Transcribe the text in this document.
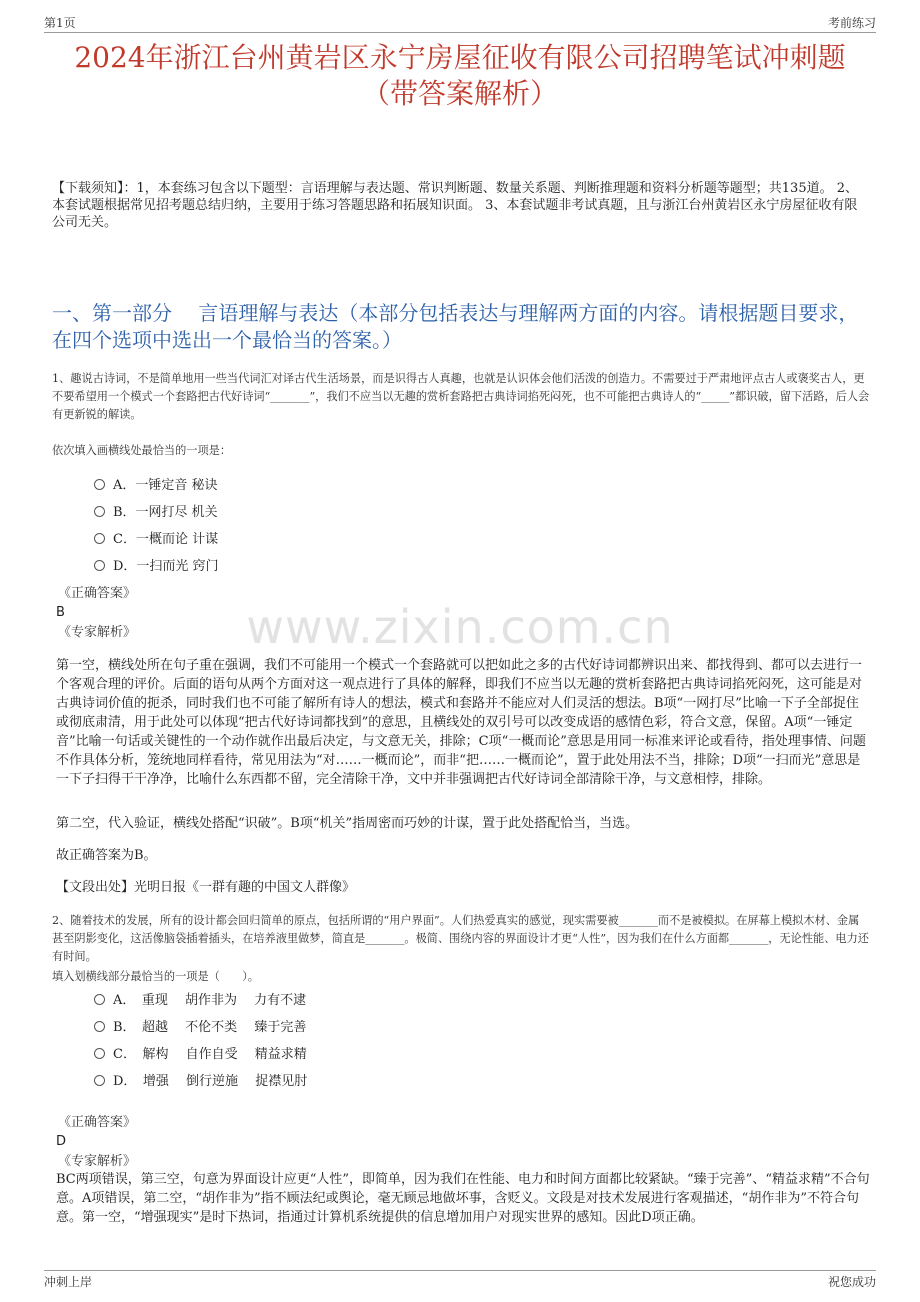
第1页	考前练习
2024年浙江台州黄岩区永宁房屋征收有限公司招聘笔试冲刺题
（带答案解析）
【下载须知】：1，本套练习包含以下题型：言语理解与表达题、常识判断题、数量关系题、判断推理题和资料分析题等题型；共135道。 2、本套试题根据常见招考题总结归纳，主要用于练习答题思路和拓展知识面。 3、本套试题非考试真题，且与浙江台州黄岩区永宁房屋征收有限公司无关。
一、第一部分　 言语理解与表达（本部分包括表达与理解两方面的内容。请根据题目要求，在四个选项中选出一个最恰当的答案。）
1、趣说古诗词，不是简单地用一些当代词汇对译古代生活场景，而是识得古人真趣，也就是认识体会他们活泼的创造力。不需要过于严肃地评点古人或褒奖古人，更不要希望用一个模式一个套路把古代好诗词“_______”，我们不应当以无趣的赏析套路把古典诗词掐死闷死，也不可能把古典诗人的“_____”都识破，留下活路，后人会有更新锐的解读。
依次填入画横线处最恰当的一项是：
A．一锤定音 秘诀
B．一网打尽 机关
C．一概而论 计谋
D．一扫而光 窍门
《正确答案》
B
《专家解析》	www.zixin.com.cn
第一空，横线处所在句子重在强调，我们不可能用一个模式一个套路就可以把如此之多的古代好诗词都辨识出来、都找得到、都可以去进行一个客观合理的评价。后面的语句从两个方面对这一观点进行了具体的解释，即我们不应当以无趣的赏析套路把古典诗词掐死闷死，这可能是对古典诗词价值的扼杀，同时我们也不可能了解所有诗人的想法，模式和套路并不能应对人们灵活的想法。B项“一网打尽”比喻一下子全部捉住或彻底肃清，用于此处可以体现“把古代好诗词都找到”的意思，且横线处的双引号可以改变成语的感情色彩，符合文意，保留。A项“一锤定音”比喻一句话或关键性的一个动作就作出最后决定，与文意无关，排除；C项“一概而论”意思是用同一标准来评论或看待，指处理事情、问题不作具体分析，笼统地同样看待，常见用法为“对……一概而论”，而非“把……一概而论”，置于此处用法不当，排除；D项“一扫而光”意思是一下子扫得干干净净，比喻什么东西都不留，完全清除干净，文中并非强调把古代好诗词全部清除干净，与文意相悖，排除。
第二空，代入验证，横线处搭配“识破”。B项“机关”指周密而巧妙的计谋，置于此处搭配恰当，当选。
故正确答案为B。
【文段出处】光明日报《一群有趣的中国文人群像》
2、随着技术的发展，所有的设计都会回归简单的原点，包括所谓的“用户界面”。人们热爱真实的感觉，现实需要被_______而不是被模拟。在屏幕上模拟木材、金属甚至阴影变化，这活像脑袋插着插头，在培养液里做梦，简直是_______。极简、围绕内容的界面设计才更“人性”，因为我们在什么方面都_______，无论性能、电力还有时间。
填入划横线部分最恰当的一项是（　　）。
A．　重现　 胡作非为　 力有不逮
B．　超越　 不伦不类　 臻于完善
C．　解构　 自作自受　 精益求精
D．　增强　 倒行逆施　 捉襟见肘
《正确答案》
D
《专家解析》
BC两项错误，第三空，句意为界面设计应更“人性”，即简单，因为我们在性能、电力和时间方面都比较紧缺。“臻于完善”、“精益求精”不合句意。A项错误，第二空，“胡作非为”指不顾法纪或舆论，毫无顾忌地做坏事，含贬义。文段是对技术发展进行客观描述，“胡作非为”不符合句意。第一空，“增强现实”是时下热词，指通过计算机系统提供的信息增加用户对现实世界的感知。因此D项正确。
冲刺上岸	祝您成功
